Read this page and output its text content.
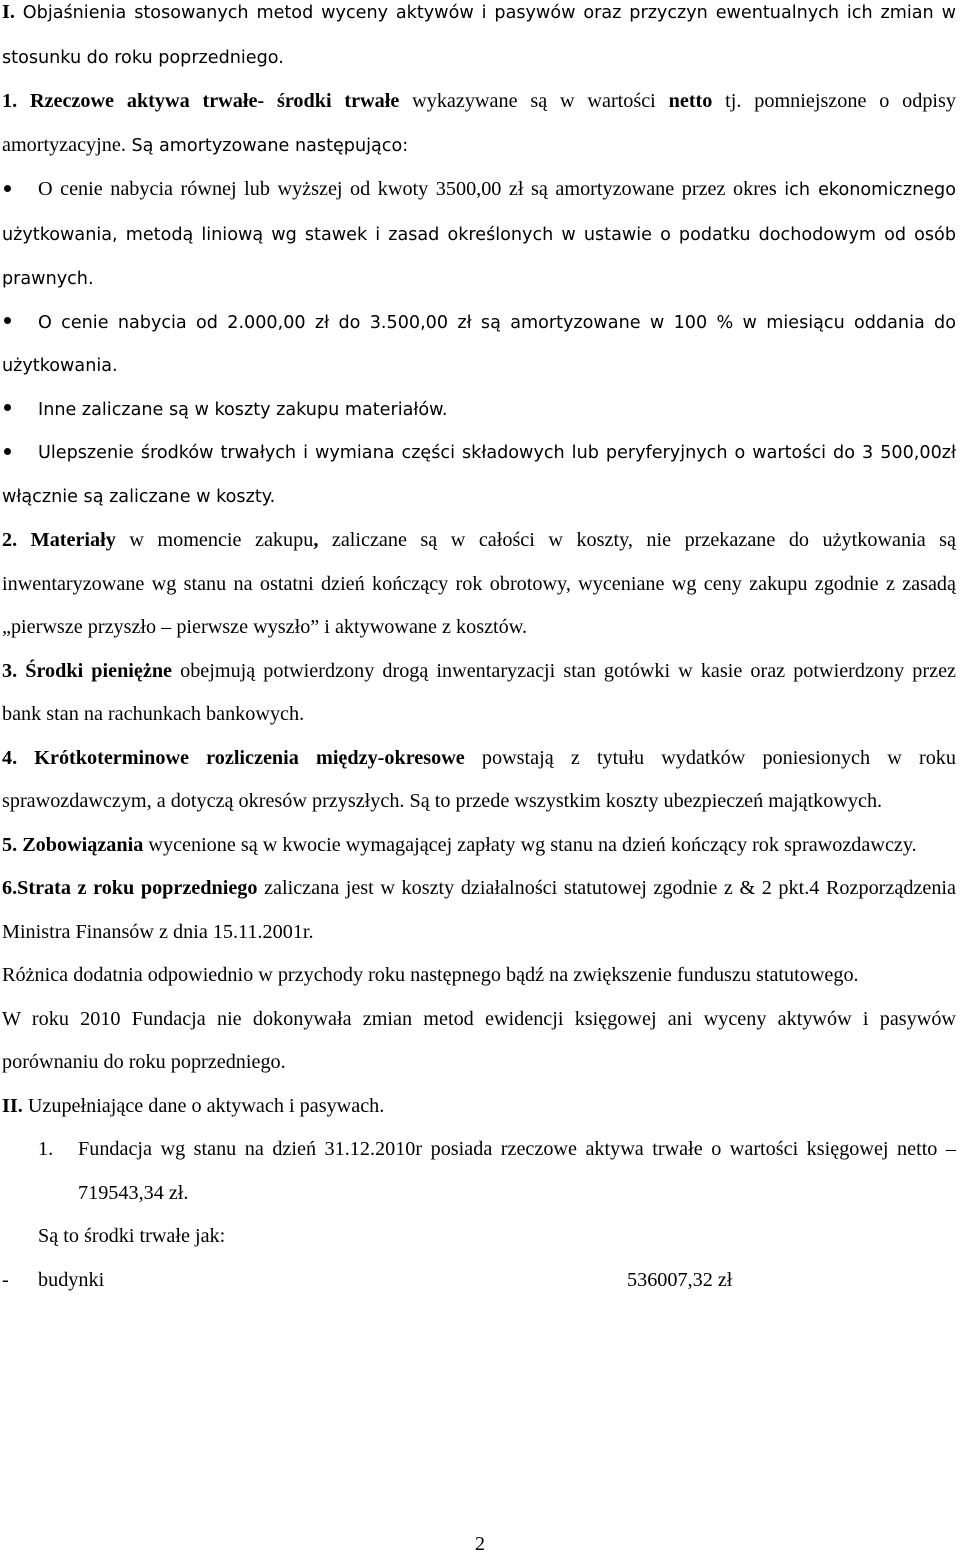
I. Objaśnienia stosowanych metod wyceny aktywów i pasywów oraz przyczyn ewentualnych ich zmian w stosunku do roku poprzedniego.

1. Rzeczowe aktywa trwałe- środki trwałe wykazywane są w wartości netto tj. pomniejszone o odpisy amortyzacyjne. Są amortyzowane następująco:

O cenie nabycia równej lub wyższej od kwoty 3500,00 zł są amortyzowane przez okres ich ekonomicznego użytkowania, metodą liniową wg stawek i zasad określonych w ustawie o podatku dochodowym od osób prawnych.

O cenie nabycia od 2.000,00 zł do 3.500,00 zł są amortyzowane w 100 % w miesiącu oddania do użytkowania.

Inne zaliczane są w koszty zakupu materiałów.

Ulepszenie środków trwałych i wymiana części składowych lub peryferyjnych o wartości do 3 500,00zł włącznie są zaliczane w koszty.

2. Materiały w momencie zakupu, zaliczane są w całości w koszty, nie przekazane do użytkowania są inwentaryzowane wg stanu na ostatni dzień kończący rok obrotowy, wyceniane wg ceny zakupu zgodnie z zasadą „pierwsze przyszło – pierwsze wyszło” i aktywowane z kosztów.

3. Środki pieniężne obejmują potwierdzony drogą inwentaryzacji stan gotówki w kasie oraz potwierdzony przez bank stan na rachunkach bankowych.

4. Krótkoterminowe rozliczenia między-okresowe powstają z tytułu wydatków poniesionych w roku sprawozdawczym, a dotyczą okresów przyszłych. Są to przede wszystkim koszty ubezpieczeń majątkowych.

5. Zobowiązania wycenione są w kwocie wymagającej zapłaty wg stanu na dzień kończący rok sprawozdawczy.

6.Strata z roku poprzedniego zaliczana jest w koszty działalności statutowej zgodnie z & 2 pkt.4 Rozporządzenia Ministra Finansów z dnia 15.11.2001r.

Różnica dodatnia odpowiednio w przychody roku następnego bądź na zwiększenie funduszu statutowego.

W roku 2010 Fundacja nie dokonywała zmian metod ewidencji księgowej ani wyceny aktywów i pasywów porównaniu do roku poprzedniego.

II. Uzupełniające dane o aktywach i pasywach.

1.	Fundacja wg stanu na dzień 31.12.2010r posiada rzeczowe aktywa trwałe o wartości księgowej netto – 719543,34 zł.

Są to środki trwałe jak:

-	budynki	536007,32 zł
2
